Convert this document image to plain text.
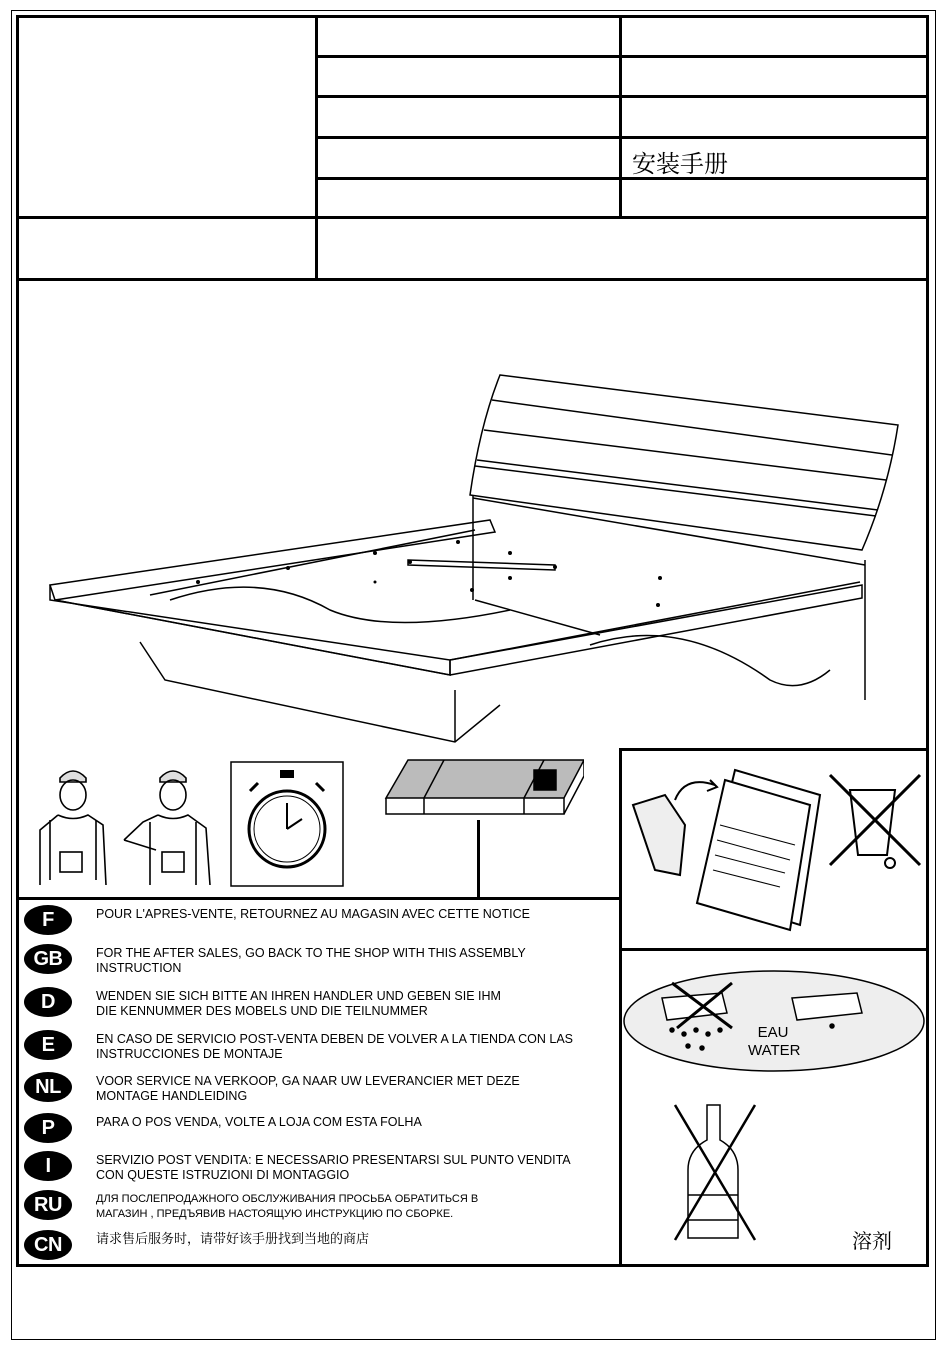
安装手册
EAU
WATER
溶剂
F	POUR L'APRES-VENTE, RETOURNEZ AU MAGASIN AVEC CETTE NOTICE
GB	FOR THE AFTER SALES, GO BACK TO THE SHOP WITH THIS ASSEMBLY
INSTRUCTION
D	WENDEN SIE SICH BITTE AN IHREN HANDLER UND GEBEN SIE IHM
DIE KENNUMMER DES MOBELS UND DIE TEILNUMMER
E	EN CASO DE SERVICIO POST-VENTA DEBEN DE VOLVER A LA TIENDA CON LAS
INSTRUCCIONES DE MONTAJE
NL	VOOR SERVICE NA VERKOOP, GA NAAR UW LEVERANCIER MET DEZE
MONTAGE HANDLEIDING
P	PARA O POS VENDA, VOLTE A LOJA COM ESTA FOLHA
I	SERVIZIO POST VENDITA: E NECESSARIO PRESENTARSI SUL PUNTO VENDITA
CON QUESTE ISTRUZIONI DI MONTAGGIO
RU	ДЛЯ ПОСЛЕПРОДАЖНОГО ОБСЛУЖИВАНИЯ ПРОСЬБА ОБРАТИТЬСЯ В
МАГАЗИН , ПРЕДЪЯВИВ НАСТОЯЩУЮ ИНСТРУКЦИЮ ПО СБОРКЕ.
CN	请求售后服务时，请带好该手册找到当地的商店
